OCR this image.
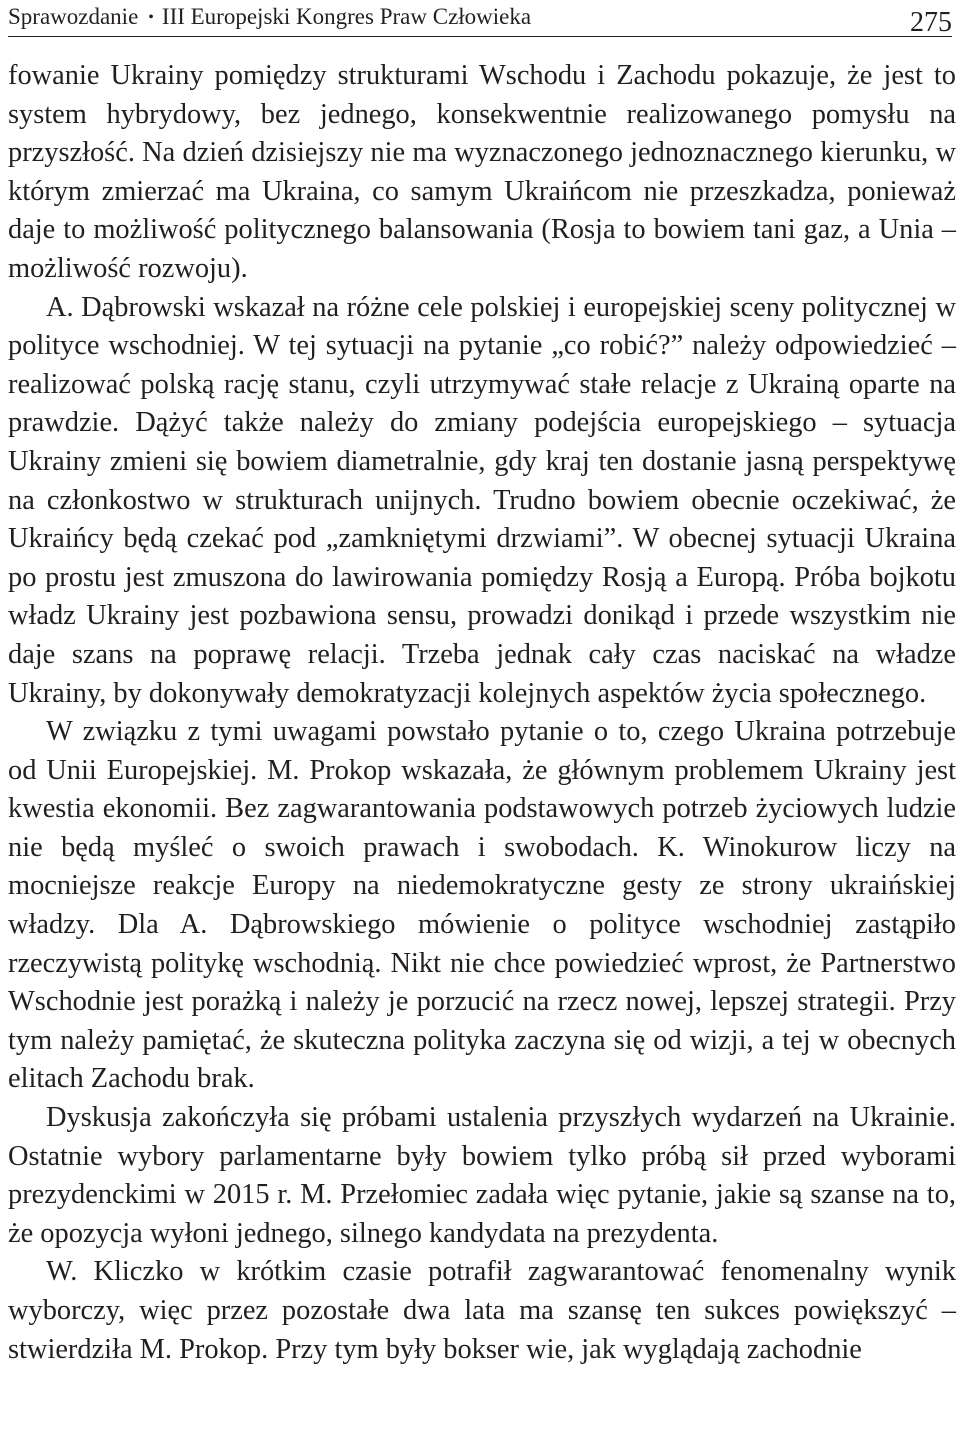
Sprawozdanie • III Europejski Kongres Praw Człowieka	275

fowanie Ukrainy pomiędzy strukturami Wschodu i Zachodu pokazuje, że jest to system hybrydowy, bez jednego, konsekwentnie realizowanego pomysłu na przyszłość. Na dzień dzisiejszy nie ma wyznaczonego jednoznacznego kierunku, w którym zmierzać ma Ukraina, co samym Ukraińcom nie przeszkadza, ponieważ daje to możliwość politycznego balansowania (Rosja to bowiem tani gaz, a Unia – możliwość rozwoju).

A. Dąbrowski wskazał na różne cele polskiej i europejskiej sceny politycznej w polityce wschodniej. W tej sytuacji na pytanie „co robić?” należy odpowiedzieć – realizować polską rację stanu, czyli utrzymywać stałe relacje z Ukrainą oparte na prawdzie. Dążyć także należy do zmiany podejścia europejskiego – sytuacja Ukrainy zmieni się bowiem diametralnie, gdy kraj ten dostanie jasną perspektywę na członkostwo w strukturach unijnych. Trudno bowiem obecnie oczekiwać, że Ukraińcy będą czekać pod „zamkniętymi drzwiami”. W obecnej sytuacji Ukraina po prostu jest zmuszona do lawirowania pomiędzy Rosją a Europą. Próba bojkotu władz Ukrainy jest pozbawiona sensu, prowadzi donikąd i przede wszystkim nie daje szans na poprawę relacji. Trzeba jednak cały czas naciskać na władze Ukrainy, by dokonywały demokratyzacji kolejnych aspektów życia społecznego.

W związku z tymi uwagami powstało pytanie o to, czego Ukraina potrzebuje od Unii Europejskiej. M. Prokop wskazała, że głównym problemem Ukrainy jest kwestia ekonomii. Bez zagwarantowania podstawowych potrzeb życiowych ludzie nie będą myśleć o swoich prawach i swobodach. K. Winokurow liczy na mocniejsze reakcje Europy na niedemokratyczne gesty ze strony ukraińskiej władzy. Dla A. Dąbrowskiego mówienie o polityce wschodniej zastąpiło rzeczywistą politykę wschodnią. Nikt nie chce powiedzieć wprost, że Partnerstwo Wschodnie jest porażką i należy je porzucić na rzecz nowej, lepszej strategii. Przy tym należy pamiętać, że skuteczna polityka zaczyna się od wizji, a tej w obecnych elitach Zachodu brak.

Dyskusja zakończyła się próbami ustalenia przyszłych wydarzeń na Ukrainie. Ostatnie wybory parlamentarne były bowiem tylko próbą sił przed wyborami prezydenckimi w 2015 r. M. Przełomiec zadała więc pytanie, jakie są szanse na to, że opozycja wyłoni jednego, silnego kandydata na prezydenta.

W. Kliczko w krótkim czasie potrafił zagwarantować fenomenalny wynik wyborczy, więc przez pozostałe dwa lata ma szansę ten sukces powiększyć – stwierdziła M. Prokop. Przy tym były bokser wie, jak wyglądają zachodnie
